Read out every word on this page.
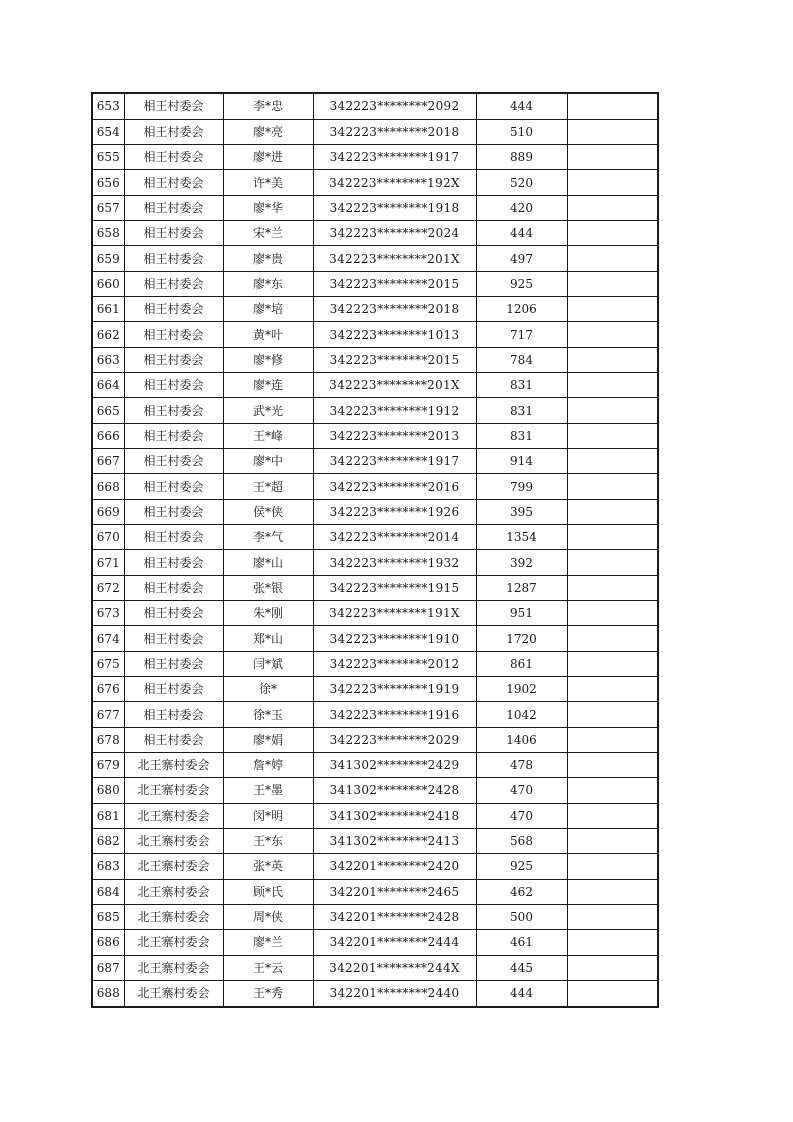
653	相王村委会	李*忠	342223********2092	444	
654	相王村委会	廖*亮	342223********2018	510	
655	相王村委会	廖*进	342223********1917	889	
656	相王村委会	许*美	342223********192X	520	
657	相王村委会	廖*华	342223********1918	420	
658	相王村委会	宋*兰	342223********2024	444	
659	相王村委会	廖*贵	342223********201X	497	
660	相王村委会	廖*东	342223********2015	925	
661	相王村委会	廖*培	342223********2018	1206	
662	相王村委会	黄*叶	342223********1013	717	
663	相王村委会	廖*修	342223********2015	784	
664	相王村委会	廖*连	342223********201X	831	
665	相王村委会	武*光	342223********1912	831	
666	相王村委会	王*峰	342223********2013	831	
667	相王村委会	廖*中	342223********1917	914	
668	相王村委会	王*超	342223********2016	799	
669	相王村委会	侯*侠	342223********1926	395	
670	相王村委会	李*气	342223********2014	1354	
671	相王村委会	廖*山	342223********1932	392	
672	相王村委会	张*银	342223********1915	1287	
673	相王村委会	朱*刚	342223********191X	951	
674	相王村委会	郑*山	342223********1910	1720	
675	相王村委会	闫*斌	342223********2012	861	
676	相王村委会	徐*	342223********1919	1902	
677	相王村委会	徐*玉	342223********1916	1042	
678	相王村委会	廖*娟	342223********2029	1406	
679	北王寨村委会	詹*婷	341302********2429	478	
680	北王寨村委会	王*墨	341302********2428	470	
681	北王寨村委会	闵*明	341302********2418	470	
682	北王寨村委会	王*东	341302********2413	568	
683	北王寨村委会	张*英	342201********2420	925	
684	北王寨村委会	顾*氏	342201********2465	462	
685	北王寨村委会	周*侠	342201********2428	500	
686	北王寨村委会	廖*兰	342201********2444	461	
687	北王寨村委会	王*云	342201********244X	445	
688	北王寨村委会	王*秀	342201********2440	444	
